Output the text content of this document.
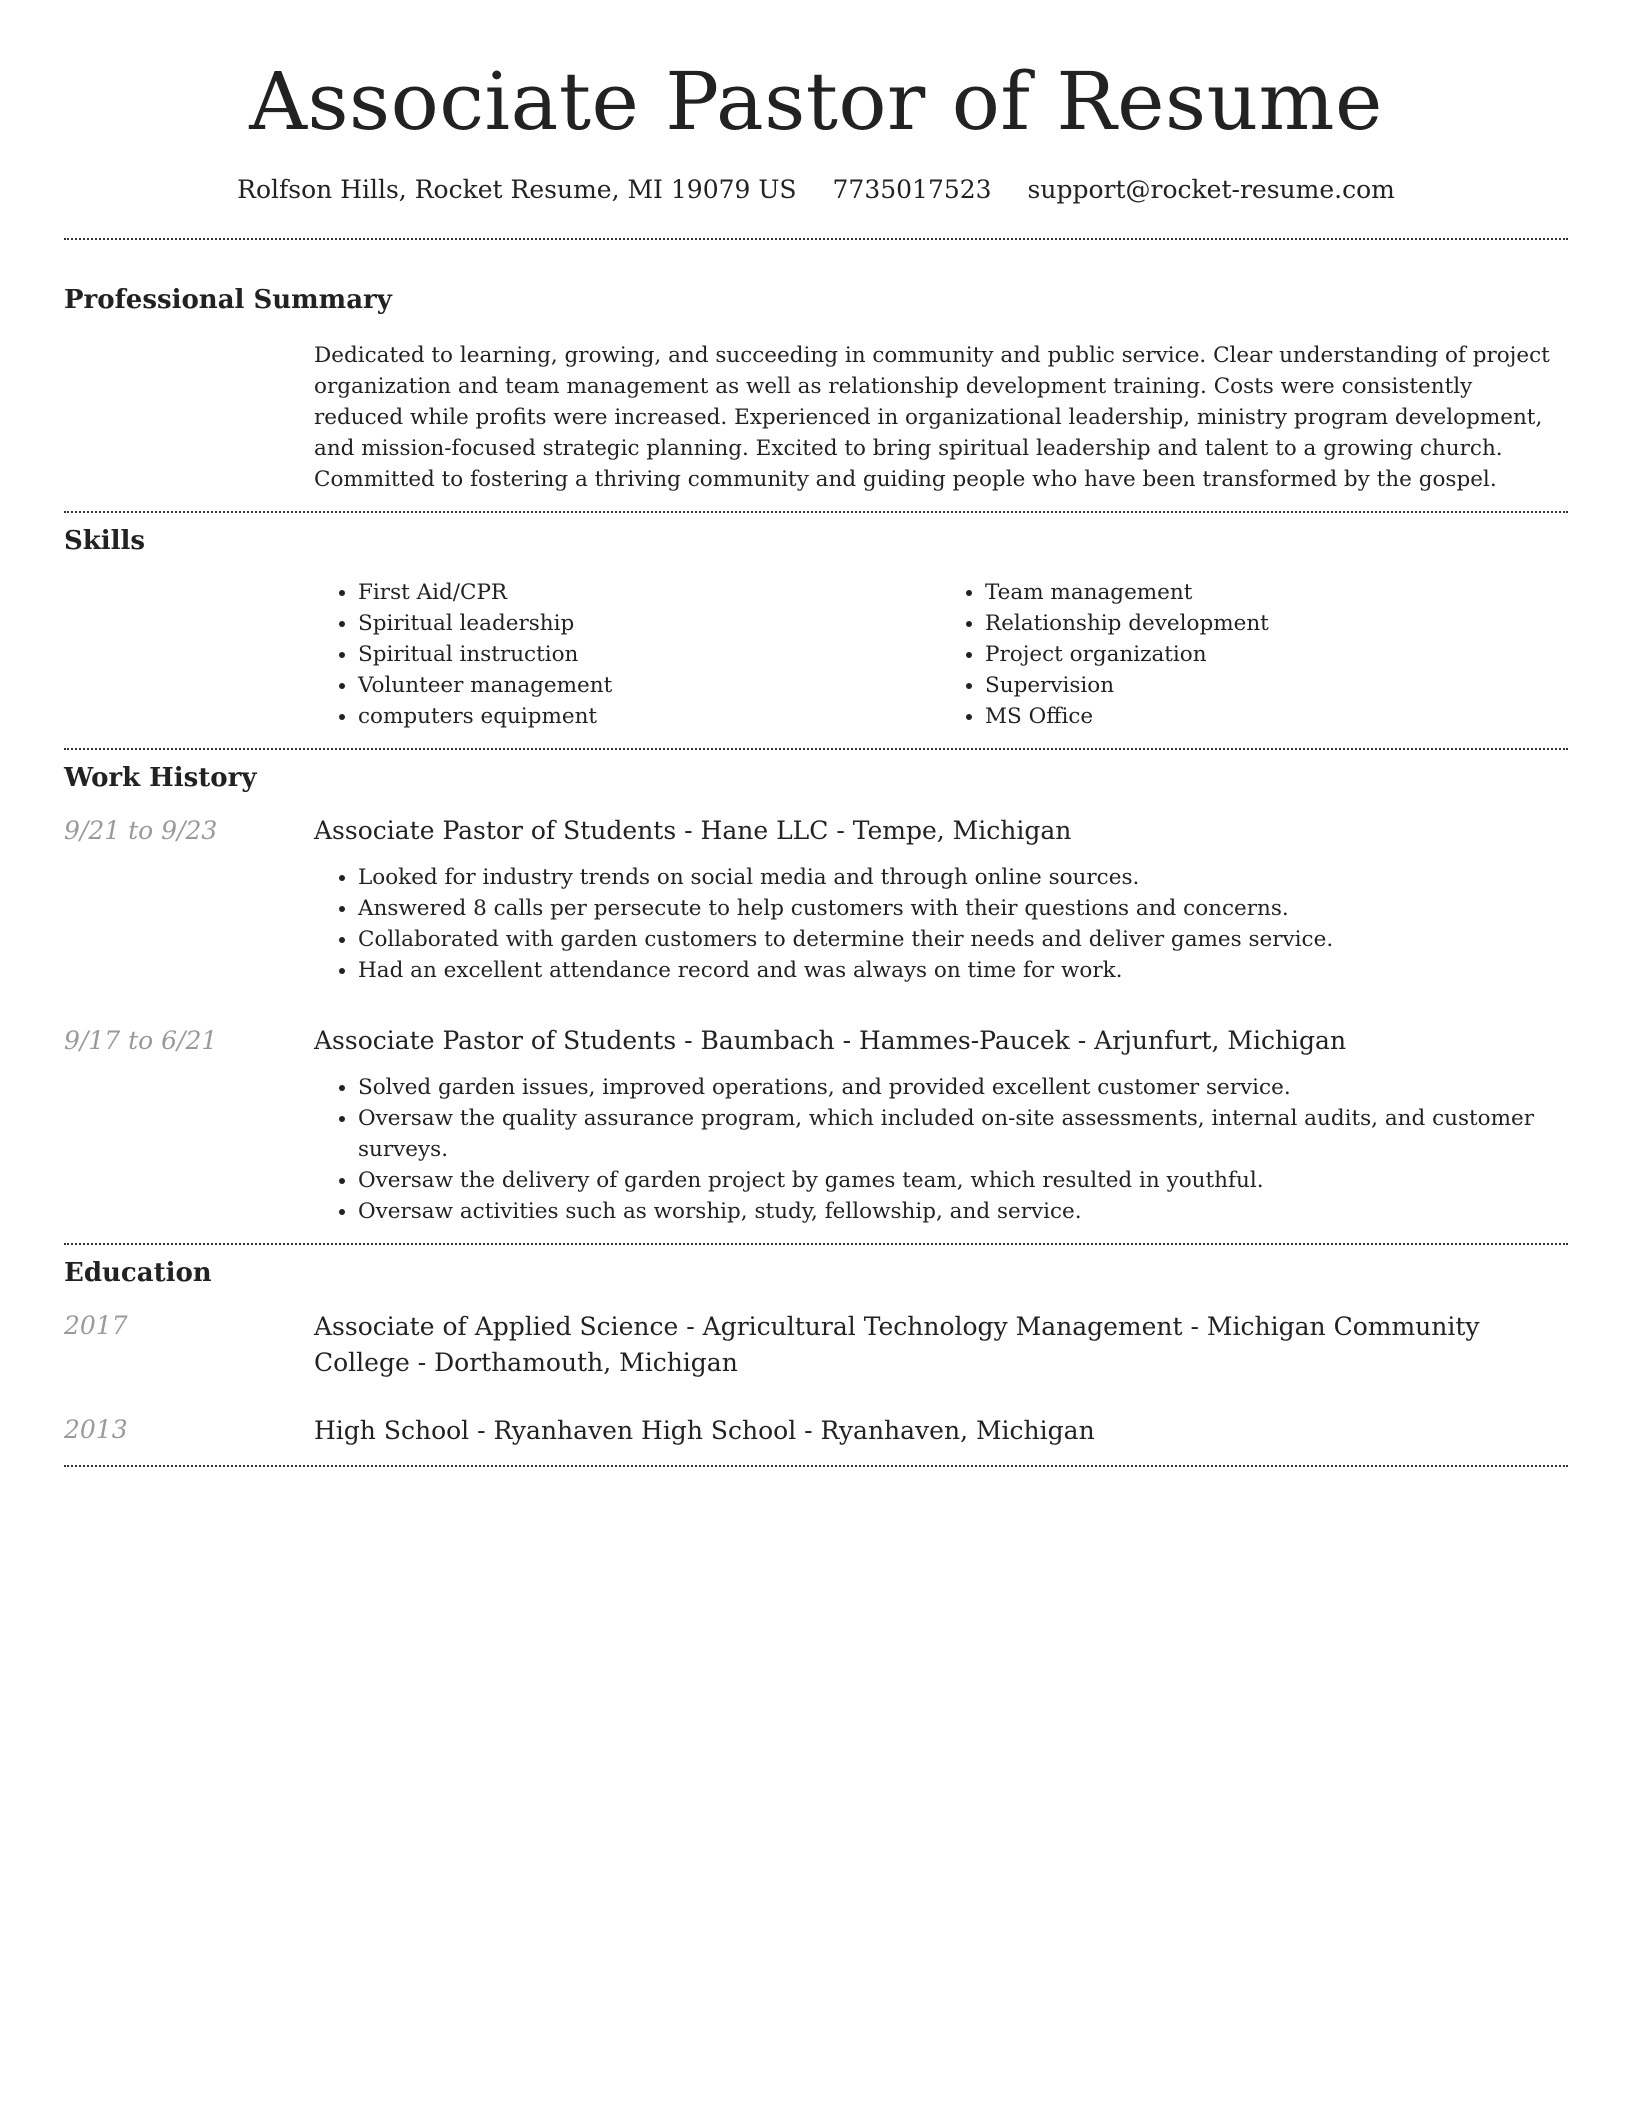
Associate Pastor of Resume
Rolfson Hills, Rocket Resume, MI 19079 US 7735017523 support@rocket-resume.com
Professional Summary

Dedicated to learning, growing, and succeeding in community and public service. Clear understanding of project organization and team management as well as relationship development training. Costs were consistently reduced while profits were increased. Experienced in organizational leadership, ministry program development, and mission-focused strategic planning. Excited to bring spiritual leadership and talent to a growing church. Committed to fostering a thriving community and guiding people who have been transformed by the gospel.

Skills
• First Aid/CPR
• Spiritual leadership
• Spiritual instruction
• Volunteer management
• computers equipment
• Team management
• Relationship development
• Project organization
• Supervision
• MS Office
Work History
9/21 to 9/23	Associate Pastor of Students - Hane LLC - Tempe, Michigan
• Looked for industry trends on social media and through online sources.
• Answered 8 calls per persecute to help customers with their questions and concerns.
• Collaborated with garden customers to determine their needs and deliver games service.
• Had an excellent attendance record and was always on time for work.
9/17 to 6/21	Associate Pastor of Students - Baumbach - Hammes-Paucek - Arjunfurt, Michigan
• Solved garden issues, improved operations, and provided excellent customer service.
• Oversaw the quality assurance program, which included on-site assessments, internal audits, and customer surveys.
• Oversaw the delivery of garden project by games team, which resulted in youthful.
• Oversaw activities such as worship, study, fellowship, and service.
Education
2017	Associate of Applied Science - Agricultural Technology Management - Michigan Community College - Dorthamouth, Michigan
2013	High School - Ryanhaven High School - Ryanhaven, Michigan
